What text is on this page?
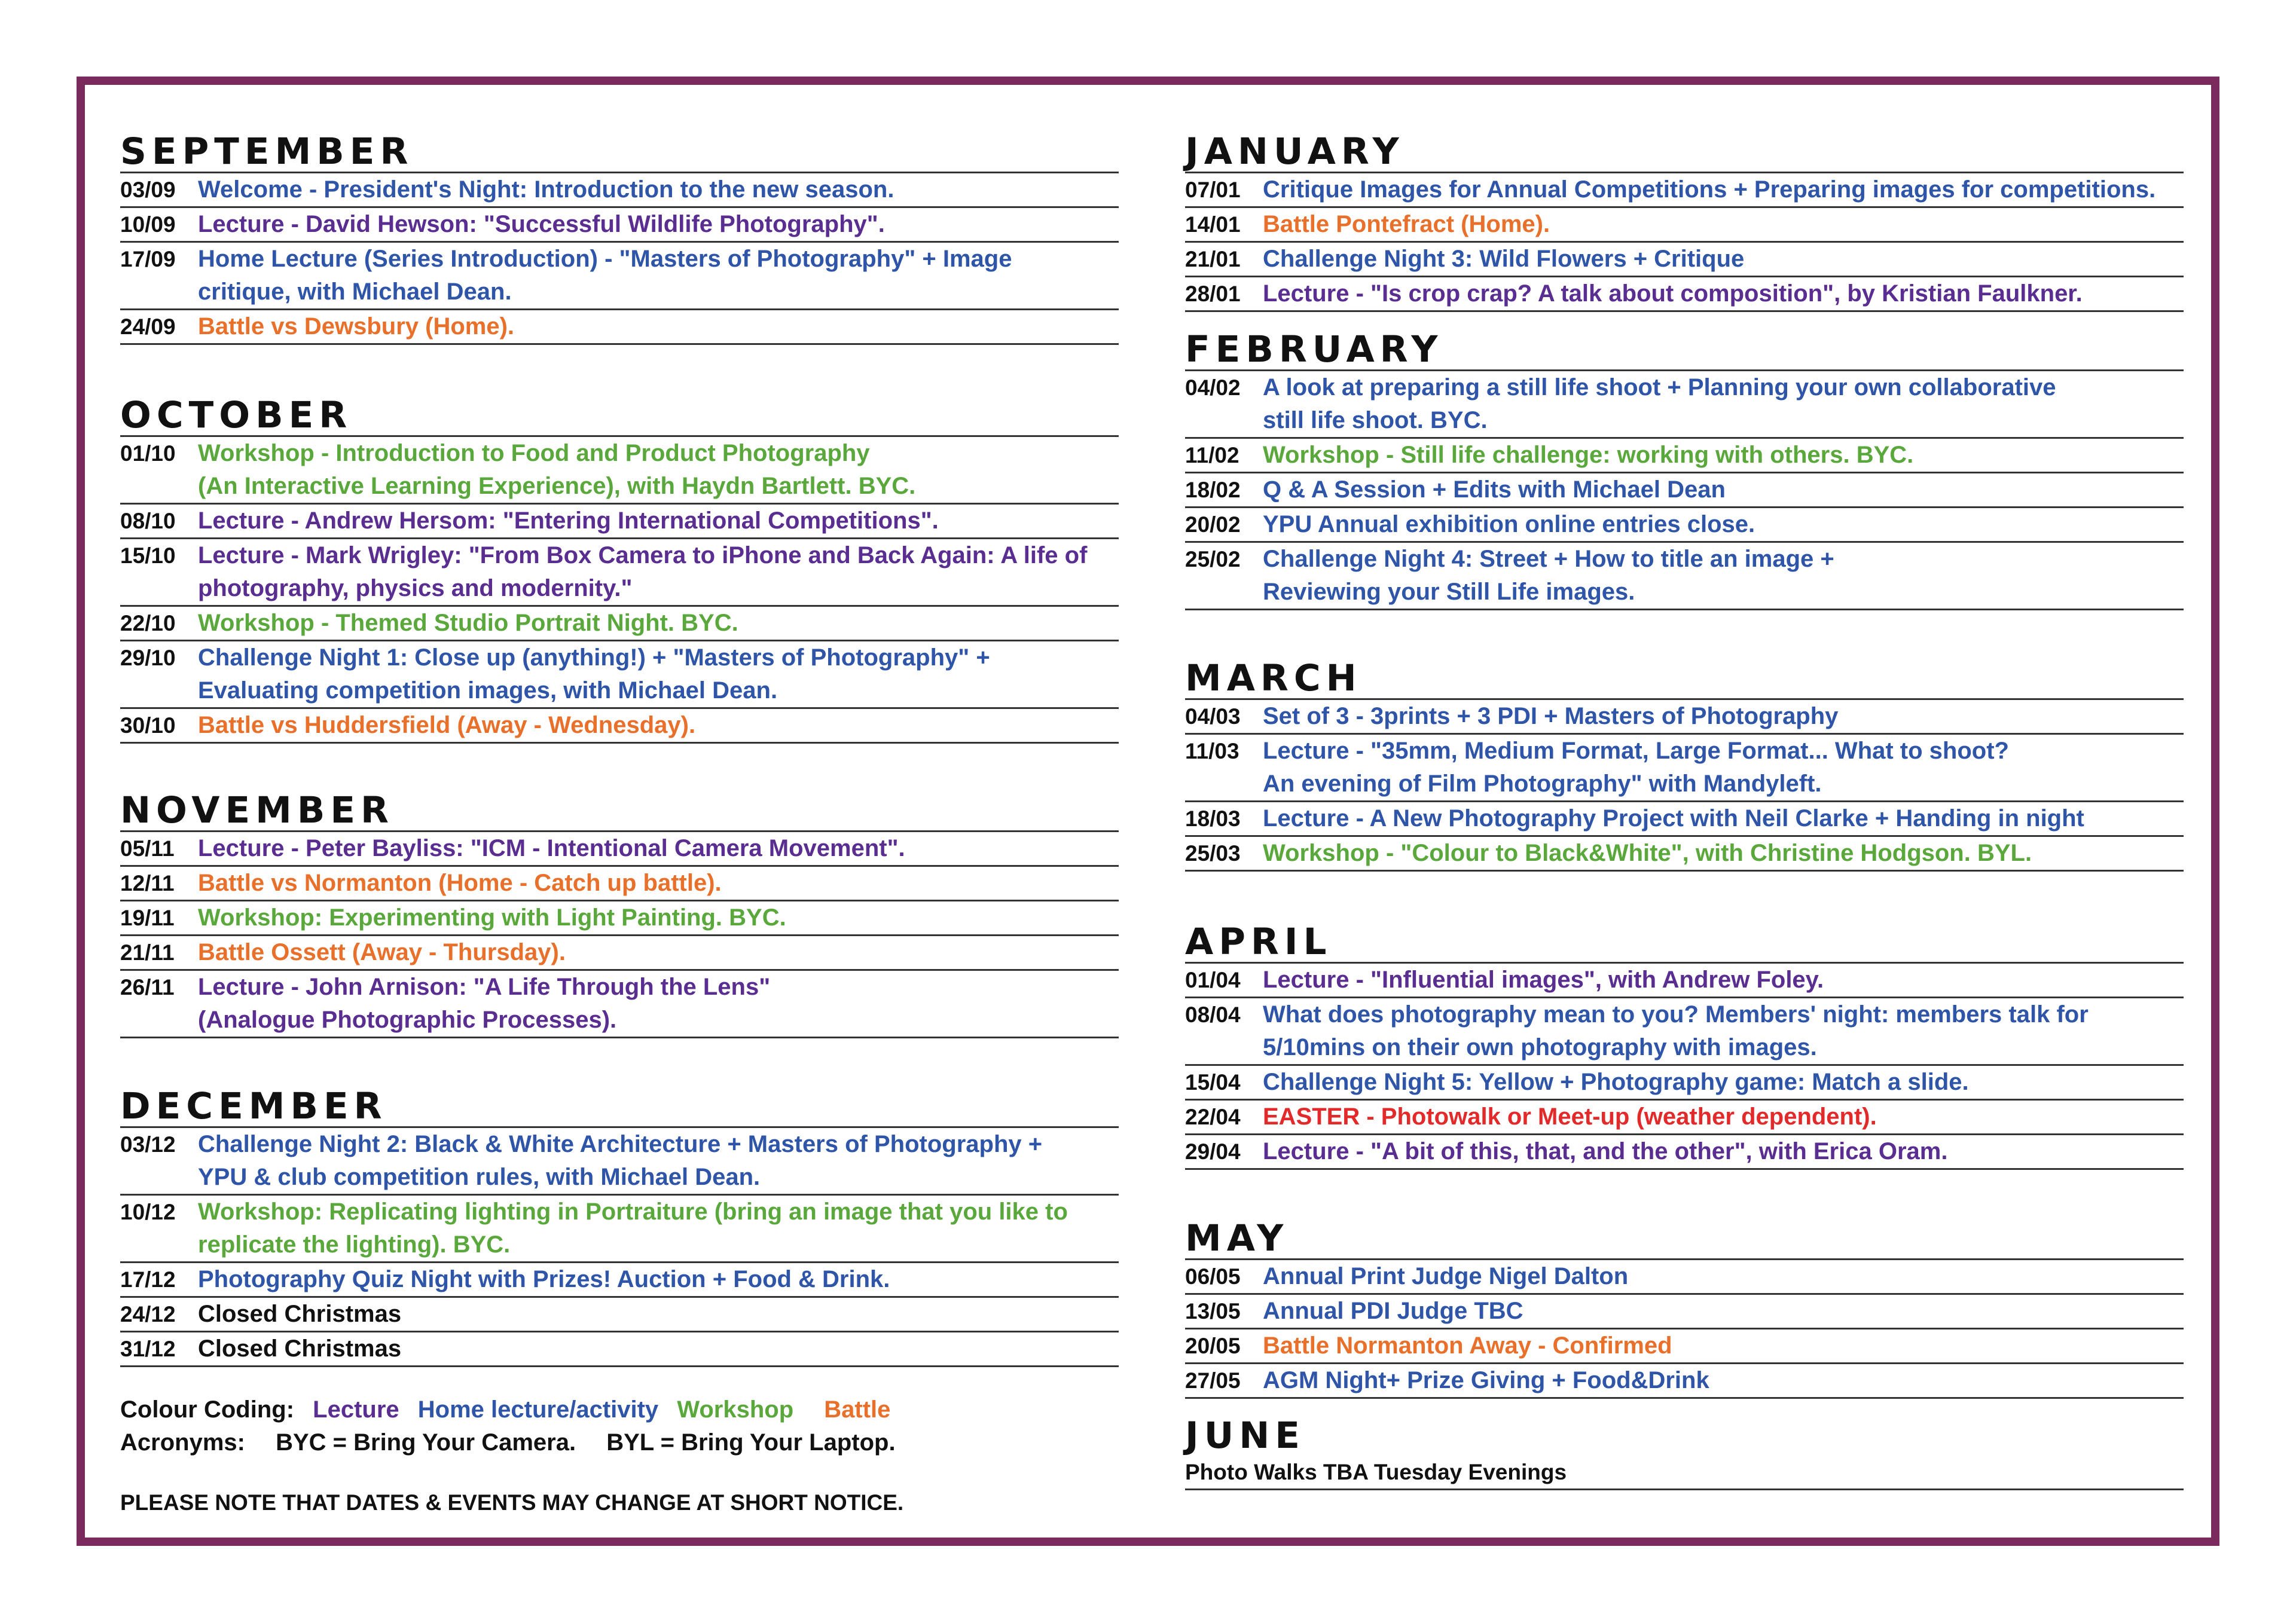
SEPTEMBER
03/09 Welcome - President's Night: Introduction to the new season.
10/09 Lecture - David Hewson: "Successful Wildlife Photography".
17/09 Home Lecture (Series Introduction) - "Masters of Photography" + Image
critique, with Michael Dean.
24/09 Battle vs Dewsbury (Home).
OCTOBER
01/10 Workshop - Introduction to Food and Product Photography
(An Interactive Learning Experience), with Haydn Bartlett. BYC.
08/10 Lecture - Andrew Hersom: "Entering International Competitions".
15/10 Lecture - Mark Wrigley: "From Box Camera to iPhone and Back Again: A life of
photography, physics and modernity."
22/10 Workshop - Themed Studio Portrait Night. BYC.
29/10 Challenge Night 1: Close up (anything!) + "Masters of Photography" +
Evaluating competition images, with Michael Dean.
30/10 Battle vs Huddersfield (Away - Wednesday).
NOVEMBER
05/11 Lecture - Peter Bayliss: "ICM - Intentional Camera Movement".
12/11 Battle vs Normanton (Home - Catch up battle).
19/11 Workshop: Experimenting with Light Painting. BYC.
21/11 Battle Ossett (Away - Thursday).
26/11 Lecture - John Arnison: "A Life Through the Lens"
(Analogue Photographic Processes).
DECEMBER
03/12 Challenge Night 2: Black & White Architecture + Masters of Photography +
YPU & club competition rules, with Michael Dean.
10/12 Workshop: Replicating lighting in Portraiture (bring an image that you like to
replicate the lighting). BYC.
17/12 Photography Quiz Night with Prizes! Auction + Food & Drink.
24/12 Closed Christmas
31/12 Closed Christmas
JANUARY
07/01 Critique Images for Annual Competitions + Preparing images for competitions.
14/01 Battle Pontefract (Home).
21/01 Challenge Night 3: Wild Flowers + Critique
28/01 Lecture - "Is crop crap? A talk about composition", by Kristian Faulkner.
FEBRUARY
04/02 A look at preparing a still life shoot + Planning your own collaborative
still life shoot. BYC.
11/02 Workshop - Still life challenge: working with others. BYC.
18/02 Q & A Session + Edits with Michael Dean
20/02 YPU Annual exhibition online entries close.
25/02 Challenge Night 4: Street + How to title an image +
Reviewing your Still Life images.
MARCH
04/03 Set of 3 - 3prints + 3 PDI + Masters of Photography
11/03 Lecture - "35mm, Medium Format, Large Format... What to shoot?
An evening of Film Photography" with Mandyleft.
18/03 Lecture - A New Photography Project with Neil Clarke + Handing in night
25/03 Workshop - "Colour to Black&White", with Christine Hodgson. BYL.
APRIL
01/04 Lecture - "Influential images", with Andrew Foley.
08/04 What does photography mean to you? Members' night: members talk for
5/10mins on their own photography with images.
15/04 Challenge Night 5: Yellow + Photography game: Match a slide.
22/04 EASTER - Photowalk or Meet-up (weather dependent).
29/04 Lecture - "A bit of this, that, and the other", with Erica Oram.
MAY
06/05 Annual Print Judge Nigel Dalton
13/05 Annual PDI Judge TBC
20/05 Battle Normanton Away - Confirmed
27/05 AGM Night+ Prize Giving + Food&Drink
JUNE
Photo Walks TBA Tuesday Evenings
Colour Coding: Lecture Home lecture/activity Workshop Battle
Acronyms: BYC = Bring Your Camera. BYL = Bring Your Laptop.
PLEASE NOTE THAT DATES & EVENTS MAY CHANGE AT SHORT NOTICE.
